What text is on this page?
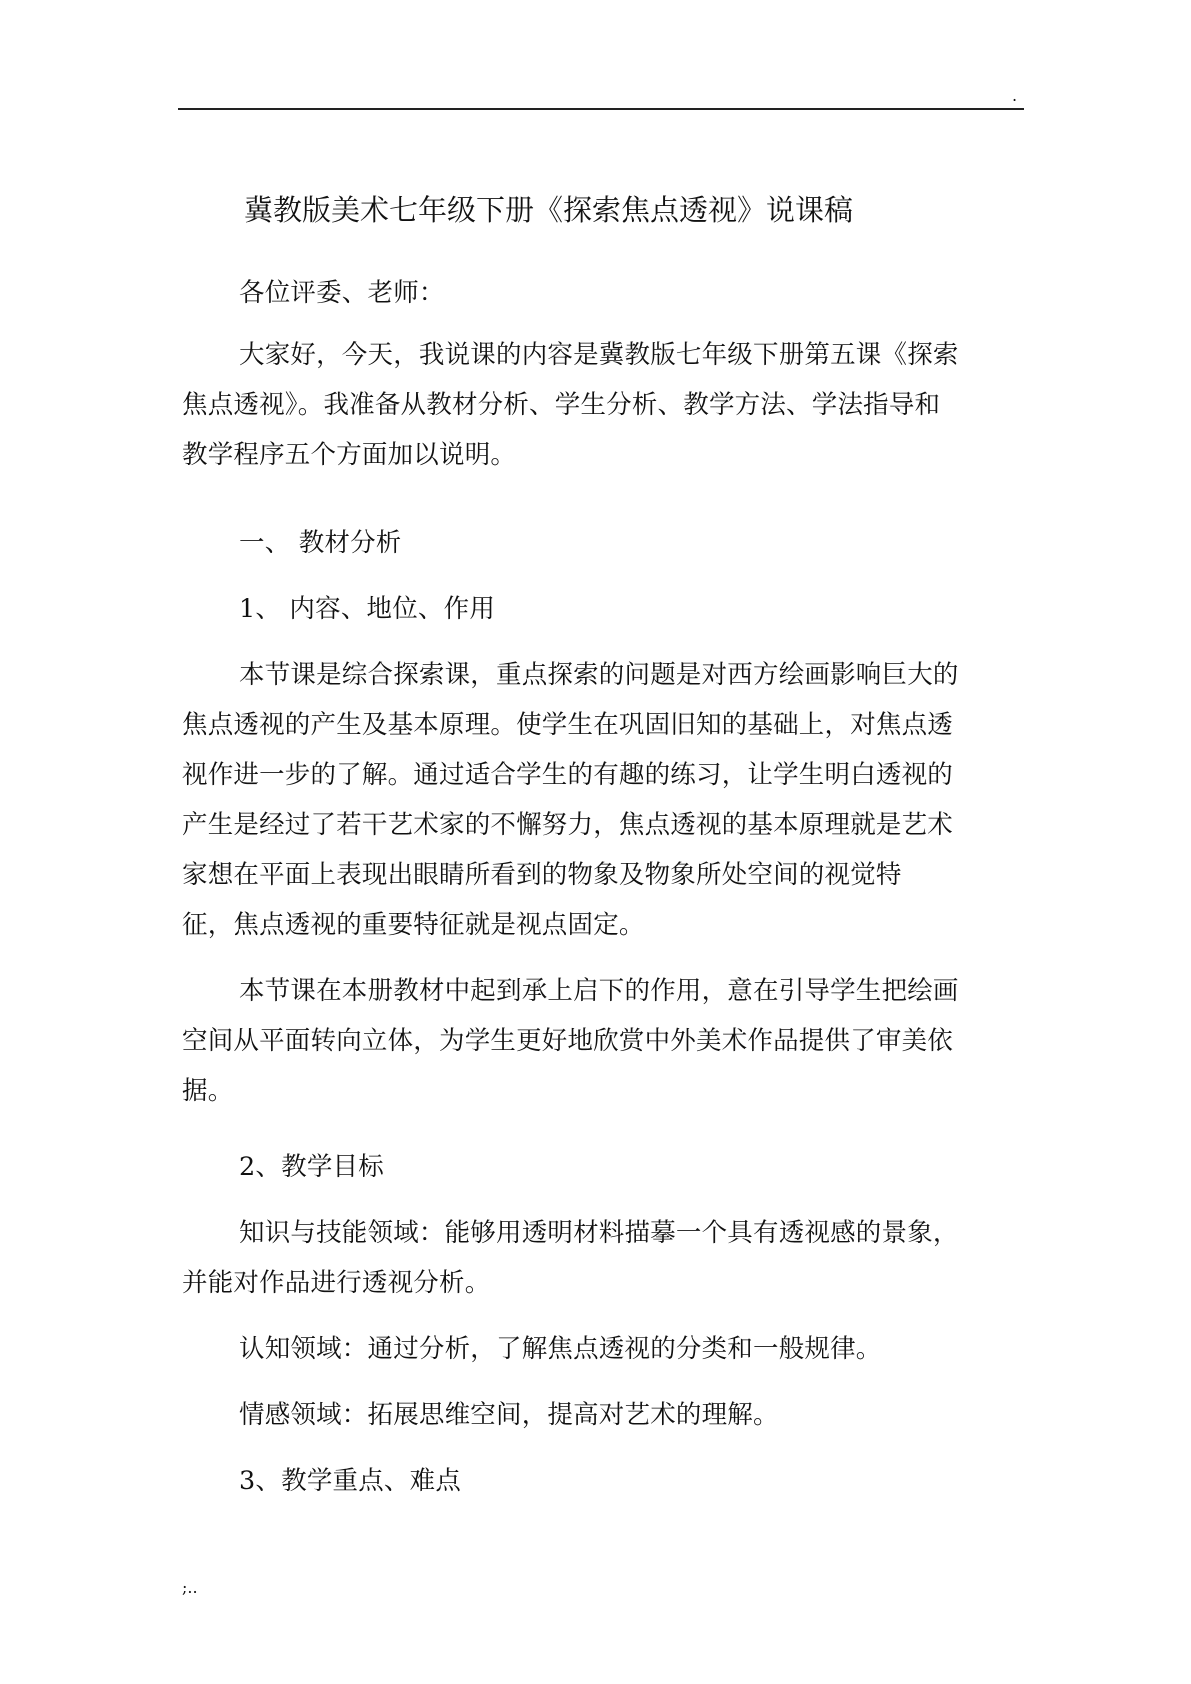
.
冀教版美术七年级下册《探索焦点透视》说课稿
各位评委、老师：
大家好，今天，我说课的内容是冀教版七年级下册第五课《探索
焦点透视》。我准备从教材分析、学生分析、教学方法、学法指导和
教学程序五个方面加以说明。
一、 教材分析
1、 内容、地位、作用
本节课是综合探索课，重点探索的问题是对西方绘画影响巨大的
焦点透视的产生及基本原理。使学生在巩固旧知的基础上，对焦点透
视作进一步的了解。通过适合学生的有趣的练习，让学生明白透视的
产生是经过了若干艺术家的不懈努力，焦点透视的基本原理就是艺术
家想在平面上表现出眼睛所看到的物象及物象所处空间的视觉特
征，焦点透视的重要特征就是视点固定。
本节课在本册教材中起到承上启下的作用，意在引导学生把绘画
空间从平面转向立体，为学生更好地欣赏中外美术作品提供了审美依
据。
2、教学目标
知识与技能领域：能够用透明材料描摹一个具有透视感的景象，
并能对作品进行透视分析。
认知领域：通过分析，了解焦点透视的分类和一般规律。
情感领域：拓展思维空间，提高对艺术的理解。
3、教学重点、难点
;..
